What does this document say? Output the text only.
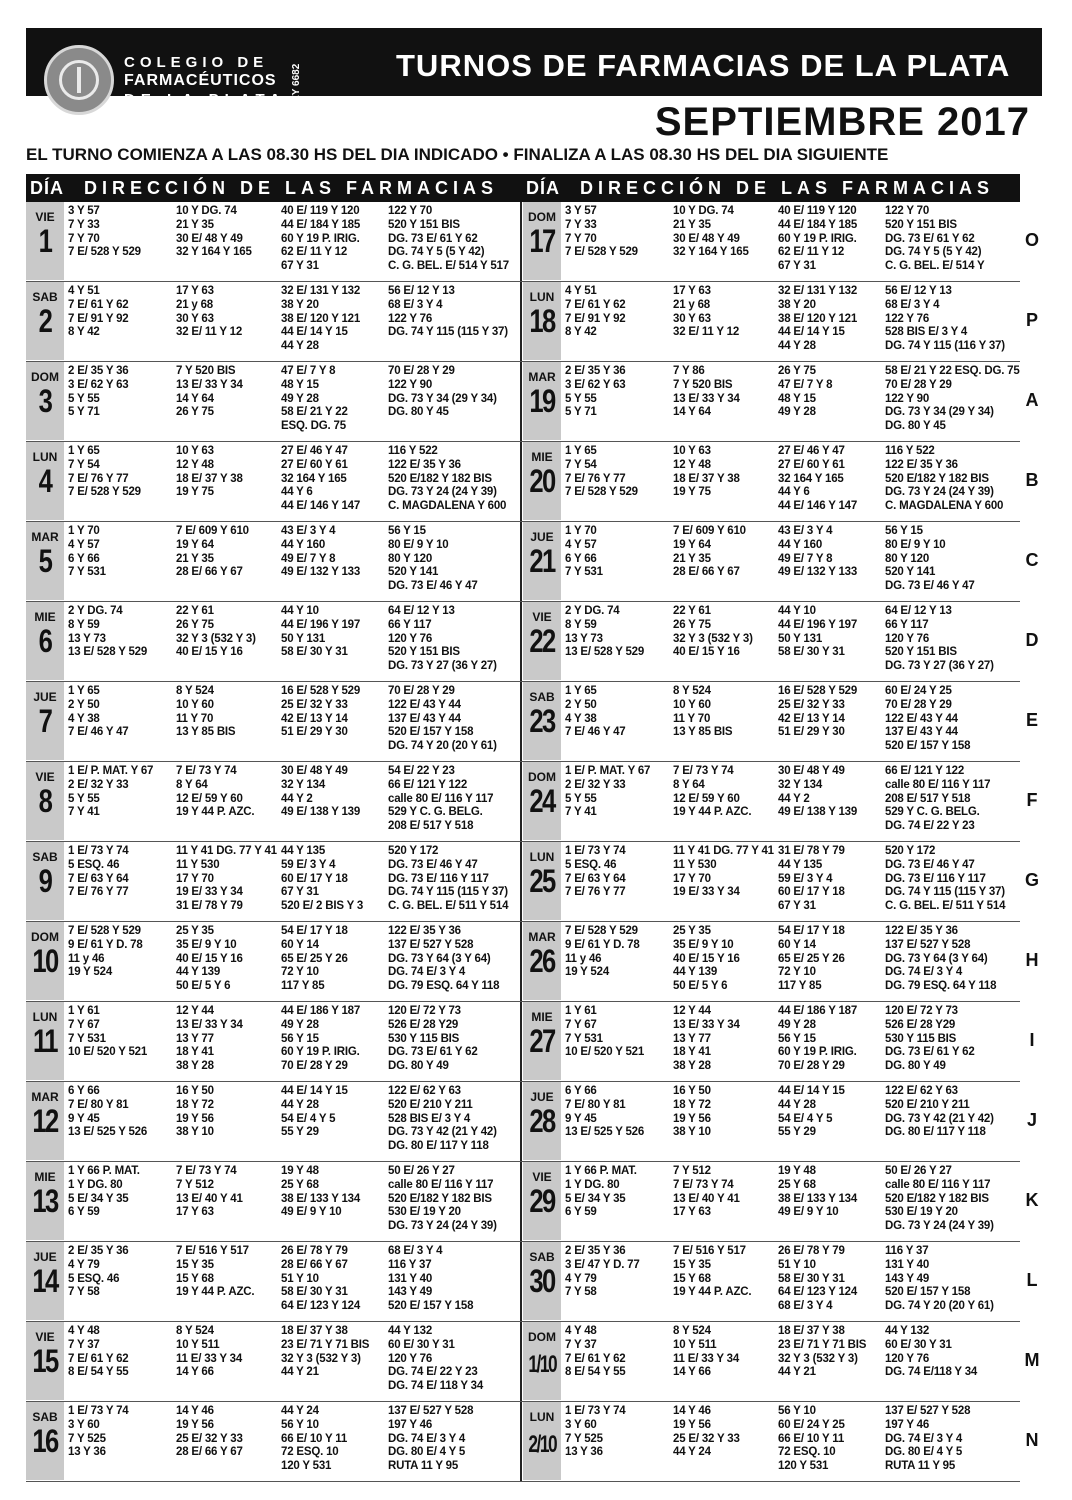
COLEGIO DE
FARMACÉUTICOS
DE LA PLATA LEY 6682	TURNOS DE FARMACIAS DE LA PLATA
SEPTIEMBRE 2017
EL TURNO COMIENZA A LAS 08.30 HS DEL DIA INDICADO • FINALIZA A LAS 08.30 HS DEL DIA SIGUIENTE
DÍA DIRECCIÓN DE LAS FARMACIAS DÍA DIRECCIÓN DE LAS FARMACIAS
VIE
1
3 Y 57
7 Y 33
7 Y 70
7 E/ 528 Y 529
10 Y DG. 74
21 Y 35
30 E/ 48 Y 49
32 Y 164 Y 165
40 E/ 119 Y 120
44 E/ 184 Y 185
60 Y 19 P. IRIG.
62 E/ 11 Y 12
67 Y 31
122 Y 70
520 Y 151 BIS
DG. 73 E/ 61 Y 62
DG. 74 Y 5 (5 Y 42)
C. G. BEL. E/ 514 Y 517
SAB
2
4 Y 51
7 E/ 61 Y 62
7 E/ 91 Y 92
8 Y 42
17 Y 63
21 y 68
30 Y 63
32 E/ 11 Y 12
32 E/ 131 Y 132
38 Y 20
38 E/ 120 Y 121
44 E/ 14 Y 15
44 Y 28
56 E/ 12 Y 13
68 E/ 3 Y 4
122 Y 76
DG. 74 Y 115 (115 Y 37)
DOM
3
2 E/ 35 Y 36
3 E/ 62 Y 63
5 Y 55
5 Y 71
7 Y 520 BIS
13 E/ 33 Y 34
14 Y 64
26 Y 75
47 E/ 7 Y 8
48 Y 15
49 Y 28
58 E/ 21 Y 22
ESQ. DG. 75
70 E/ 28 Y 29
122 Y 90
DG. 73 Y 34 (29 Y 34)
DG. 80 Y 45
LUN
4
1 Y 65
7 Y 54
7 E/ 76 Y 77
7 E/ 528 Y 529
10 Y 63
12 Y 48
18 E/ 37 Y 38
19 Y 75
27 E/ 46 Y 47
27 E/ 60 Y 61
32 164 Y 165
44 Y 6
44 E/ 146 Y 147
116 Y 522
122 E/ 35 Y 36
520 E/182 Y 182 BIS
DG. 73 Y 24 (24 Y 39)
C. MAGDALENA Y 600
MAR
5
1 Y 70
4 Y 57
6 Y 66
7 Y 531
7 E/ 609 Y 610
19 Y 64
21 Y 35
28 E/ 66 Y 67
43 E/ 3 Y 4
44 Y 160
49 E/ 7 Y 8
49 E/ 132 Y 133
56 Y 15
80 E/ 9 Y 10
80 Y 120
520 Y 141
DG. 73 E/ 46 Y 47
MIE
6
2 Y DG. 74
8 Y 59
13 Y 73
13 E/ 528 Y 529
22 Y 61
26 Y 75
32 Y 3 (532 Y 3)
40 E/ 15 Y 16
44 Y 10
44 E/ 196 Y 197
50 Y 131
58 E/ 30 Y 31
64 E/ 12 Y 13
66 Y 117
120 Y 76
520 Y 151 BIS
DG. 73 Y 27 (36 Y 27)
JUE
7
1 Y 65
2 Y 50
4 Y 38
7 E/ 46 Y 47
8 Y 524
10 Y 60
11 Y 70
13 Y 85 BIS
16 E/ 528 Y 529
25 E/ 32 Y 33
42 E/ 13 Y 14
51 E/ 29 Y 30
70 E/ 28 Y 29
122 E/ 43 Y 44
137 E/ 43 Y 44
520 E/ 157 Y 158
DG. 74 Y 20 (20 Y 61)
VIE
8
1 E/ P. MAT. Y 67
2 E/ 32 Y 33
5 Y 55
7 Y 41
7 E/ 73 Y 74
8 Y 64
12 E/ 59 Y 60
19 Y 44 P. AZC.
30 E/ 48 Y 49
32 Y 134
44 Y 2
49 E/ 138 Y 139
54 E/ 22 Y 23
66 E/ 121 Y 122
calle 80 E/ 116 Y 117
529 Y C. G. BELG.
208 E/ 517 Y 518
SAB
9
1 E/ 73 Y 74
5 ESQ. 46
7 E/ 63 Y 64
7 E/ 76 Y 77
11 Y 41 DG. 77 Y 41
11 Y 530
17 Y 70
19 E/ 33 Y 34
31 E/ 78 Y 79
44 Y 135
59 E/ 3 Y 4
60 E/ 17 Y 18
67 Y 31
520 E/ 2 BIS Y 3
520 Y 172
DG. 73 E/ 46 Y 47
DG. 73 E/ 116 Y 117
DG. 74 Y 115 (115 Y 37)
C. G. BEL. E/ 511 Y 514
DOM
10
7 E/ 528 Y 529
9 E/ 61 Y D. 78
11 y 46
19 Y 524
25 Y 35
35 E/ 9 Y 10
40 E/ 15 Y 16
44 Y 139
50 E/ 5 Y 6
54 E/ 17 Y 18
60 Y 14
65 E/ 25 Y 26
72 Y 10
117 Y 85
122 E/ 35 Y 36
137 E/ 527 Y 528
DG. 73 Y 64 (3 Y 64)
DG. 74 E/ 3 Y 4
DG. 79 ESQ. 64 Y 118
LUN
11
1 Y 61
7 Y 67
7 Y 531
10 E/ 520 Y 521
12 Y 44
13 E/ 33 Y 34
13 Y 77
18 Y 41
38 Y 28
44 E/ 186 Y 187
49 Y 28
56 Y 15
60 Y 19 P. IRIG.
70 E/ 28 Y 29
120 E/ 72 Y 73
526 E/ 28 Y29
530 Y 115 BIS
DG. 73 E/ 61 Y 62
DG. 80 Y 49
MAR
12
6 Y 66
7 E/ 80 Y 81
9 Y 45
13 E/ 525 Y 526
16 Y 50
18 Y 72
19 Y 56
38 Y 10
44 E/ 14 Y 15
44 Y 28
54 E/ 4 Y 5
55 Y 29
122 E/ 62 Y 63
520 E/ 210 Y 211
528 BIS E/ 3 Y 4
DG. 73 Y 42 (21 Y 42)
DG. 80 E/ 117 Y 118
MIE
13
1 Y 66 P. MAT.
1 Y DG. 80
5 E/ 34 Y 35
6 Y 59
7 E/ 73 Y 74
7 Y 512
13 E/ 40 Y 41
17 Y 63
19 Y 48
25 Y 68
38 E/ 133 Y 134
49 E/ 9 Y 10
50 E/ 26 Y 27
calle 80 E/ 116 Y 117
520 E/182 Y 182 BIS
530 E/ 19 Y 20
DG. 73 Y 24 (24 Y 39)
JUE
14
2 E/ 35 Y 36
4 Y 79
5 ESQ. 46
7 Y 58
7 E/ 516 Y 517
15 Y 35
15 Y 68
19 Y 44 P. AZC.
26 E/ 78 Y 79
28 E/ 66 Y 67
51 Y 10
58 E/ 30 Y 31
64 E/ 123 Y 124
68 E/ 3 Y 4
116 Y 37
131 Y 40
143 Y 49
520 E/ 157 Y 158
VIE
15
4 Y 48
7 Y 37
7 E/ 61 Y 62
8 E/ 54 Y 55
8 Y 524
10 Y 511
11 E/ 33 Y 34
14 Y 66
18 E/ 37 Y 38
23 E/ 71 Y 71 BIS
32 Y 3 (532 Y 3)
44 Y 21
44 Y 132
60 E/ 30 Y 31
120 Y 76
DG. 74 E/ 22 Y 23
DG. 74 E/ 118 Y 34
SAB
16
1 E/ 73 Y 74
3 Y 60
7 Y 525
13 Y 36
14 Y 46
19 Y 56
25 E/ 32 Y 33
28 E/ 66 Y 67
44 Y 24
56 Y 10
66 E/ 10 Y 11
72 ESQ. 10
120 Y 531
137 E/ 527 Y 528
197 Y 46
DG. 74 E/ 3 Y 4
DG. 80 E/ 4 Y 5
RUTA 11 Y 95
DOM
17
3 Y 57
7 Y 33
7 Y 70
7 E/ 528 Y 529
10 Y DG. 74
21 Y 35
30 E/ 48 Y 49
32 Y 164 Y 165
40 E/ 119 Y 120
44 E/ 184 Y 185
60 Y 19 P. IRIG.
62 E/ 11 Y 12
67 Y 31
122 Y 70
520 Y 151 BIS
DG. 73 E/ 61 Y 62
DG. 74 Y 5 (5 Y 42)
C. G. BEL. E/ 514 Y
LUN
18
4 Y 51
7 E/ 61 Y 62
7 E/ 91 Y 92
8 Y 42
17 Y 63
21 y 68
30 Y 63
32 E/ 11 Y 12
32 E/ 131 Y 132
38 Y 20
38 E/ 120 Y 121
44 E/ 14 Y 15
44 Y 28
56 E/ 12 Y 13
68 E/ 3 Y 4
122 Y 76
528 BIS E/ 3 Y 4
DG. 74 Y 115 (116 Y 37)
MAR
19
2 E/ 35 Y 36
3 E/ 62 Y 63
5 Y 55
5 Y 71
7 Y 86
7 Y 520 BIS
13 E/ 33 Y 34
14 Y 64
26 Y 75
47 E/ 7 Y 8
48 Y 15
49 Y 28
58 E/ 21 Y 22 ESQ. DG. 75
70 E/ 28 Y 29
122 Y 90
DG. 73 Y 34 (29 Y 34)
DG. 80 Y 45
MIE
20
1 Y 65
7 Y 54
7 E/ 76 Y 77
7 E/ 528 Y 529
10 Y 63
12 Y 48
18 E/ 37 Y 38
19 Y 75
27 E/ 46 Y 47
27 E/ 60 Y 61
32 164 Y 165
44 Y 6
44 E/ 146 Y 147
116 Y 522
122 E/ 35 Y 36
520 E/182 Y 182 BIS
DG. 73 Y 24 (24 Y 39)
C. MAGDALENA Y 600
JUE
21
1 Y 70
4 Y 57
6 Y 66
7 Y 531
7 E/ 609 Y 610
19 Y 64
21 Y 35
28 E/ 66 Y 67
43 E/ 3 Y 4
44 Y 160
49 E/ 7 Y 8
49 E/ 132 Y 133
56 Y 15
80 E/ 9 Y 10
80 Y 120
520 Y 141
DG. 73 E/ 46 Y 47
VIE
22
2 Y DG. 74
8 Y 59
13 Y 73
13 E/ 528 Y 529
22 Y 61
26 Y 75
32 Y 3 (532 Y 3)
40 E/ 15 Y 16
44 Y 10
44 E/ 196 Y 197
50 Y 131
58 E/ 30 Y 31
64 E/ 12 Y 13
66 Y 117
120 Y 76
520 Y 151 BIS
DG. 73 Y 27 (36 Y 27)
SAB
23
1 Y 65
2 Y 50
4 Y 38
7 E/ 46 Y 47
8 Y 524
10 Y 60
11 Y 70
13 Y 85 BIS
16 E/ 528 Y 529
25 E/ 32 Y 33
42 E/ 13 Y 14
51 E/ 29 Y 30
60 E/ 24 Y 25
70 E/ 28 Y 29
122 E/ 43 Y 44
137 E/ 43 Y 44
520 E/ 157 Y 158
DOM
24
1 E/ P. MAT. Y 67
2 E/ 32 Y 33
5 Y 55
7 Y 41
7 E/ 73 Y 74
8 Y 64
12 E/ 59 Y 60
19 Y 44 P. AZC.
30 E/ 48 Y 49
32 Y 134
44 Y 2
49 E/ 138 Y 139
66 E/ 121 Y 122
calle 80 E/ 116 Y 117
208 E/ 517 Y 518
529 Y C. G. BELG.
DG. 74 E/ 22 Y 23
LUN
25
1 E/ 73 Y 74
5 ESQ. 46
7 E/ 63 Y 64
7 E/ 76 Y 77
11 Y 41 DG. 77 Y 41
11 Y 530
17 Y 70
19 E/ 33 Y 34
31 E/ 78 Y 79
44 Y 135
59 E/ 3 Y 4
60 E/ 17 Y 18
67 Y 31
520 Y 172
DG. 73 E/ 46 Y 47
DG. 73 E/ 116 Y 117
DG. 74 Y 115 (115 Y 37)
C. G. BEL. E/ 511 Y 514
MAR
26
7 E/ 528 Y 529
9 E/ 61 Y D. 78
11 y 46
19 Y 524
25 Y 35
35 E/ 9 Y 10
40 E/ 15 Y 16
44 Y 139
50 E/ 5 Y 6
54 E/ 17 Y 18
60 Y 14
65 E/ 25 Y 26
72 Y 10
117 Y 85
122 E/ 35 Y 36
137 E/ 527 Y 528
DG. 73 Y 64 (3 Y 64)
DG. 74 E/ 3 Y 4
DG. 79 ESQ. 64 Y 118
MIE
27
1 Y 61
7 Y 67
7 Y 531
10 E/ 520 Y 521
12 Y 44
13 E/ 33 Y 34
13 Y 77
18 Y 41
38 Y 28
44 E/ 186 Y 187
49 Y 28
56 Y 15
60 Y 19 P. IRIG.
70 E/ 28 Y 29
120 E/ 72 Y 73
526 E/ 28 Y29
530 Y 115 BIS
DG. 73 E/ 61 Y 62
DG. 80 Y 49
JUE
28
6 Y 66
7 E/ 80 Y 81
9 Y 45
13 E/ 525 Y 526
16 Y 50
18 Y 72
19 Y 56
38 Y 10
44 E/ 14 Y 15
44 Y 28
54 E/ 4 Y 5
55 Y 29
122 E/ 62 Y 63
520 E/ 210 Y 211
DG. 73 Y 42 (21 Y 42)
DG. 80 E/ 117 Y 118
VIE
29
1 Y 66 P. MAT.
1 Y DG. 80
5 E/ 34 Y 35
6 Y 59
7 Y 512
7 E/ 73 Y 74
13 E/ 40 Y 41
17 Y 63
19 Y 48
25 Y 68
38 E/ 133 Y 134
49 E/ 9 Y 10
50 E/ 26 Y 27
calle 80 E/ 116 Y 117
520 E/182 Y 182 BIS
530 E/ 19 Y 20
DG. 73 Y 24 (24 Y 39)
SAB
30
2 E/ 35 Y 36
3 E/ 47 Y D. 77
4 Y 79
7 Y 58
7 E/ 516 Y 517
15 Y 35
15 Y 68
19 Y 44 P. AZC.
26 E/ 78 Y 79
51 Y 10
58 E/ 30 Y 31
64 E/ 123 Y 124
68 E/ 3 Y 4
116 Y 37
131 Y 40
143 Y 49
520 E/ 157 Y 158
DG. 74 Y 20 (20 Y 61)
DOM
1/10
4 Y 48
7 Y 37
7 E/ 61 Y 62
8 E/ 54 Y 55
8 Y 524
10 Y 511
11 E/ 33 Y 34
14 Y 66
18 E/ 37 Y 38
23 E/ 71 Y 71 BIS
32 Y 3 (532 Y 3)
44 Y 21
44 Y 132
60 E/ 30 Y 31
120 Y 76
DG. 74 E/118 Y 34
LUN
2/10
1 E/ 73 Y 74
3 Y 60
7 Y 525
13 Y 36
14 Y 46
19 Y 56
25 E/ 32 Y 33
44 Y 24
56 Y 10
60 E/ 24 Y 25
66 E/ 10 Y 11
72 ESQ. 10
120 Y 531
137 E/ 527 Y 528
197 Y 46
DG. 74 E/ 3 Y 4
DG. 80 E/ 4 Y 5
RUTA 11 Y 95
O
P
A
B
C
D
E
F
G
H
I
J
K
L
M
N
